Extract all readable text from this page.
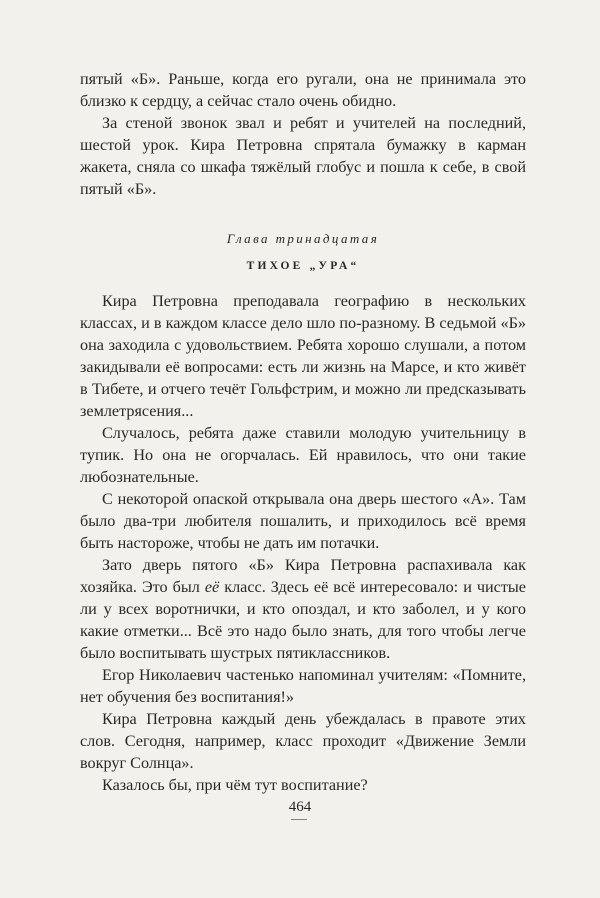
пятый «Б». Раньше, когда его ругали, она не принимала это близко к сердцу, а сейчас стало очень обидно.

За стеной звонок звал и ребят и учителей на последний, шестой урок. Кира Петровна спрятала бумажку в карман жакета, сняла со шкафа тяжёлый глобус и пошла к себе, в свой пятый «Б».

Глава тринадцатая

ТИХОЕ „УРА“

Кира Петровна преподавала географию в нескольких классах, и в каждом классе дело шло по-разному. В седьмой «Б» она заходила с удовольствием. Ребята хорошо слушали, а потом закидывали её вопросами: есть ли жизнь на Марсе, и кто живёт в Тибете, и отчего течёт Гольфстрим, и можно ли предсказывать землетрясения...

Случалось, ребята даже ставили молодую учительницу в тупик. Но она не огорчалась. Ей нравилось, что они такие любознательные.

С некоторой опаской открывала она дверь шестого «А». Там было два-три любителя пошалить, и приходилось всё время быть настороже, чтобы не дать им потачки.

Зато дверь пятого «Б» Кира Петровна распахивала как хозяйка. Это был её класс. Здесь её всё интересовало: и чистые ли у всех воротнички, и кто опоздал, и кто заболел, и у кого какие отметки... Всё это надо было знать, для того чтобы легче было воспитывать шустрых пятиклассников.

Егор Николаевич частенько напоминал учителям: «Помните, нет обучения без воспитания!»

Кира Петровна каждый день убеждалась в правоте этих слов. Сегодня, например, класс проходит «Движение Земли вокруг Солнца».

Казалось бы, при чём тут воспитание?

464
